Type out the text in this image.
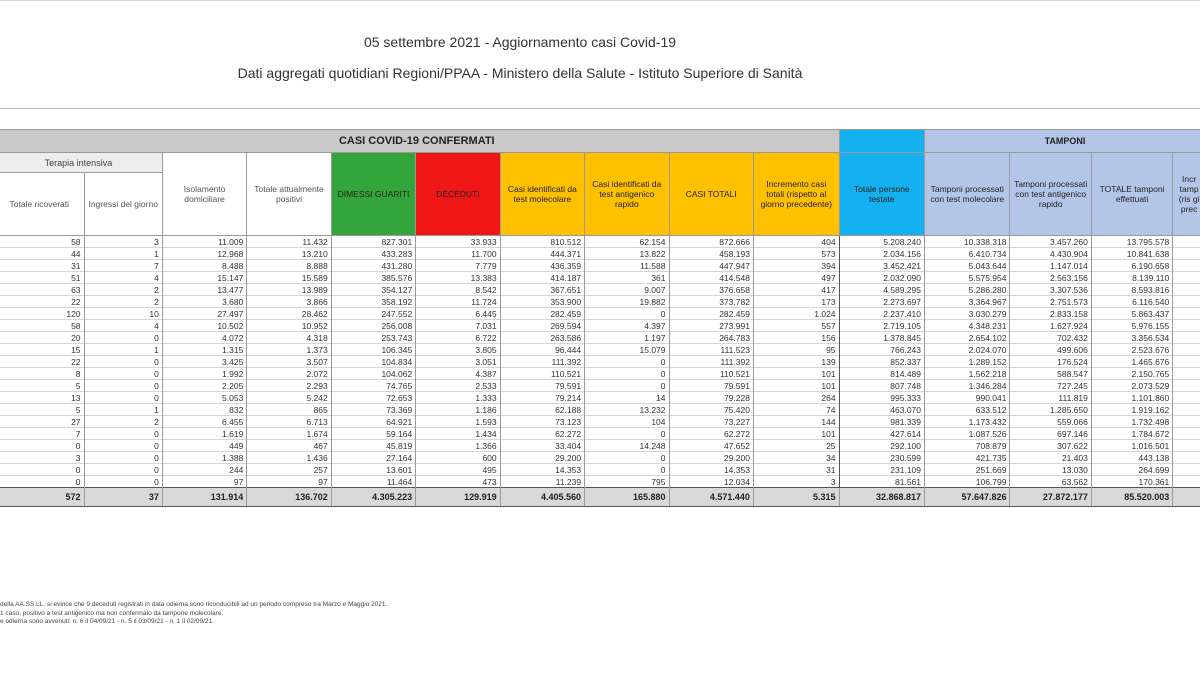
05 settembre 2021 - Aggiornamento casi Covid-19
Dati aggregati quotidiani Regioni/PPAA - Ministero della Salute - Istituto Superiore di Sanità
CASI COVID-19 CONFERMATI											TAMPONI			
Terapia intensiva		Isolamento domiciliare	Totale attualmente positivi	DIMESSI GUARITI	DECEDUTI	Casi identificati da test molecolare	Casi identificati da test antigenico rapido	CASI TOTALI	Incremento casi totali (rispetto al giorno precedente)	Totale persone testate	Tamponi processati con test molecolare	Tamponi processati con test antigenico rapido	TOTALE tamponi effettuati	Incr tamp (ris gi prec
Totale ricoverati	Ingressi del giorno													
58	3	11.009	11.432	827.301	33.933	810.512	62.154	872.666	404	5.208.240	10.338.318	3.457.260	13.795.578	
44	1	12.968	13.210	433.283	11.700	444.371	13.822	458.193	573	2.034.156	6.410.734	4.430.904	10.841.638	
31	7	8.488	8.888	431.280	7.779	436.359	11.588	447.947	394	3.452.421	5.043.644	1.147.014	6.190.658	
51	4	15.147	15.589	385.576	13.383	414.187	361	414.548	497	2.032.090	5.575.954	2.563.156	8.139.110	
63	2	13.477	13.989	354.127	8.542	367.651	9.007	376.658	417	4.589.295	5.286.280	3.307.536	8.593.816	
22	2	3.680	3.866	358.192	11.724	353.900	19.882	373.782	173	2.273.697	3.364.967	2.751.573	6.116.540	
120	10	27.497	28.462	247.552	6.445	282.459	0	282.459	1.024	2.237.410	3.030.279	2.833.158	5.863.437	
58	4	10.502	10.952	256.008	7.031	269.594	4.397	273.991	557	2.719.105	4.348.231	1.627.924	5.976.155	
20	0	4.072	4.318	253.743	6.722	263.586	1.197	264.783	156	1.378.845	2.654.102	702.432	3.356.534	
15	1	1.315	1.373	106.345	3.805	96.444	15.079	111.523	95	766.243	2.024.070	499.606	2.523.676	
22	0	3.425	3.507	104.834	3.051	111.392	0	111.392	139	852.337	1.289.152	176.524	1.465.676	
8	0	1.992	2.072	104.062	4.387	110.521	0	110.521	101	814.489	1.562.218	588.547	2.150.765	
5	0	2.205	2.293	74.765	2.533	79.591	0	79.591	101	807.748	1.346.284	727.245	2.073.529	
13	0	5.053	5.242	72.653	1.333	79.214	14	79.228	264	995.333	990.041	111.819	1.101.860	
5	1	832	865	73.369	1.186	62.188	13.232	75.420	74	463.070	633.512	1.285.650	1.919.162	
27	2	6.455	6.713	64.921	1.593	73.123	104	73.227	144	981.339	1.173.432	559.066	1.732.498	
7	0	1.619	1.674	59.164	1.434	62.272	0	62.272	101	427.614	1.087.526	697.146	1.784.672	
0	0	449	467	45.819	1.366	33.404	14.248	47.652	25	292.100	708.879	307.622	1.016.501	
3	0	1.388	1.436	27.164	600	29.200	0	29.200	34	230.599	421.735	21.403	443.138	
0	0	244	257	13.601	495	14.353	0	14.353	31	231.109	251.669	13.030	264.699	
0	0	97	97	11.464	473	11.239	795	12.034	3	81.561	106.799	63.562	170.361	
572	37	131.914	136.702	4.305.223	129.919	4.405.560	165.880	4.571.440	5.315	32.868.817	57.647.826	27.872.177	85.520.003	
della AA.SS.LL. si evince che 9 deceduti registrati in data odierna sono riconducibili ad un periodo compreso tra Marzo e Maggio 2021.
1 caso, positivo a test antigenico ma non confermato da tampone molecolare.
e odierna sono avvenuti: n. 6 il 04/09/21 - n. 5 il 03/09/21 - n. 1 il 02/09/21.
